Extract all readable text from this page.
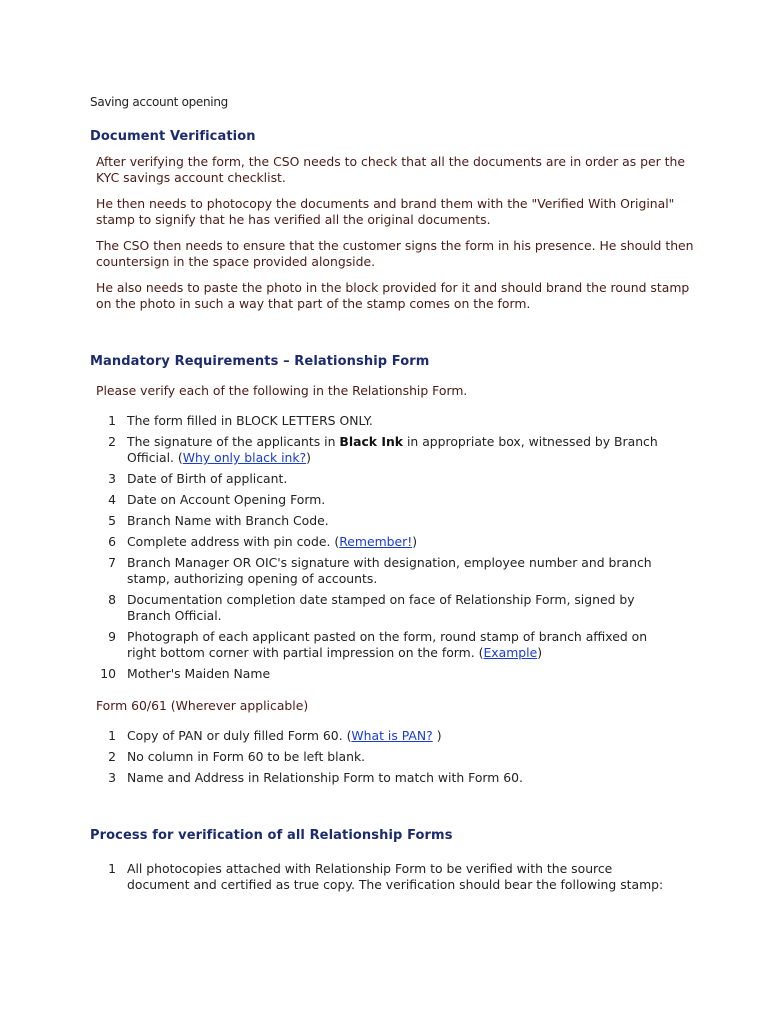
Saving account opening
Document Verification
After verifying the form, the CSO needs to check that all the documents are in order as per the KYC savings account checklist.
He then needs to photocopy the documents and brand them with the "Verified With Original" stamp to signify that he has verified all the original documents.
The CSO then needs to ensure that the customer signs the form in his presence. He should then countersign in the space provided alongside.
He also needs to paste the photo in the block provided for it and should brand the round stamp on the photo in such a way that part of the stamp comes on the form.
Mandatory Requirements – Relationship Form
Please verify each of the following in the Relationship Form.
1 The form filled in BLOCK LETTERS ONLY.
2 The signature of the applicants in Black Ink in appropriate box, witnessed by Branch Official. (Why only black ink?)
3 Date of Birth of applicant.
4 Date on Account Opening Form.
5 Branch Name with Branch Code.
6 Complete address with pin code. (Remember!)
7 Branch Manager OR OIC's signature with designation, employee number and branch stamp, authorizing opening of accounts.
8 Documentation completion date stamped on face of Relationship Form, signed by Branch Official.
9 Photograph of each applicant pasted on the form, round stamp of branch affixed on right bottom corner with partial impression on the form. (Example)
10 Mother's Maiden Name
Form 60/61 (Wherever applicable)
1 Copy of PAN or duly filled Form 60. (What is PAN? )
2 No column in Form 60 to be left blank.
3 Name and Address in Relationship Form to match with Form 60.
Process for verification of all Relationship Forms
1 All photocopies attached with Relationship Form to be verified with the source document and certified as true copy. The verification should bear the following stamp:
